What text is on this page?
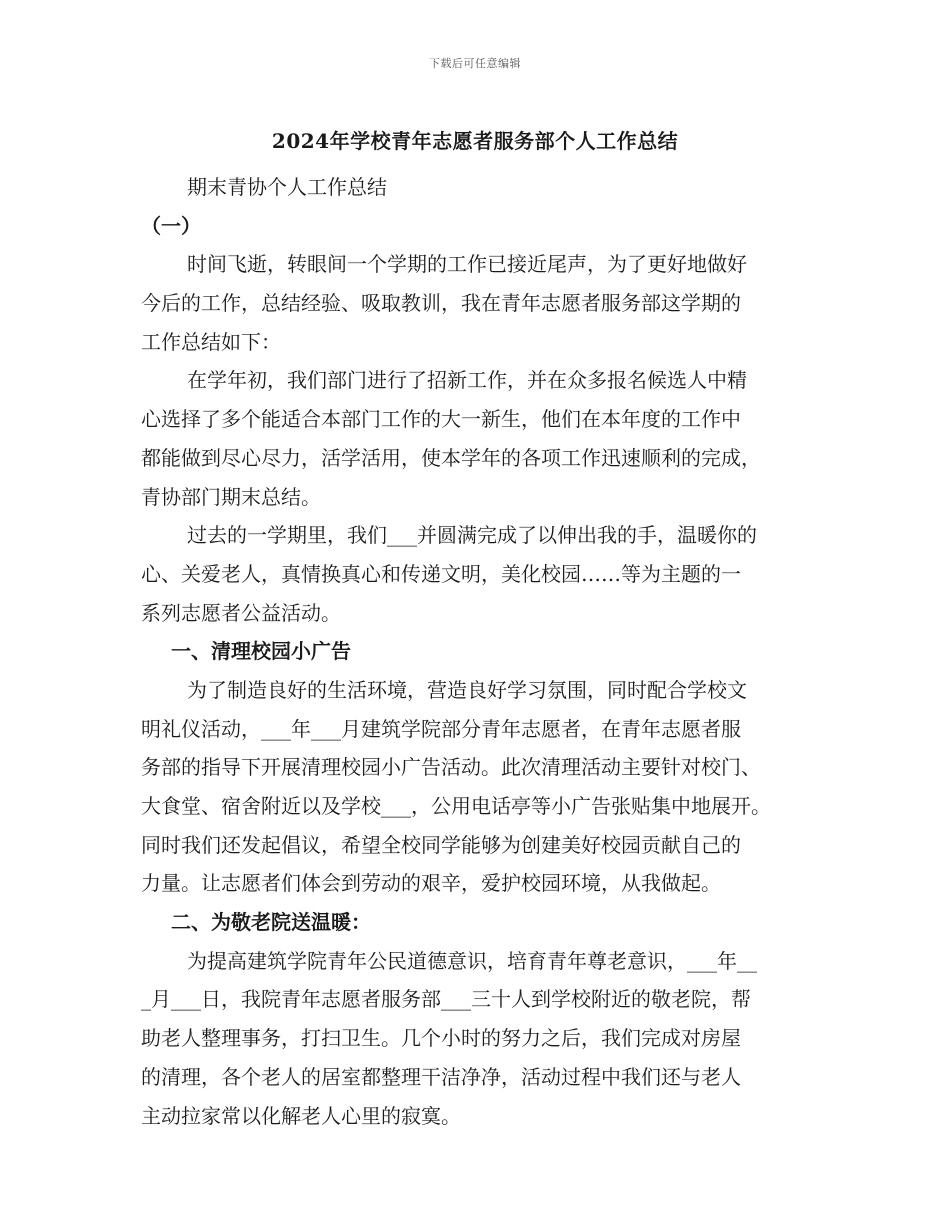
下载后可任意编辑
2024年学校青年志愿者服务部个人工作总结
期末青协个人工作总结
（一）
时间飞逝，转眼间一个学期的工作已接近尾声，为了更好地做好
今后的工作，总结经验、吸取教训，我在青年志愿者服务部这学期的
工作总结如下：
在学年初，我们部门进行了招新工作，并在众多报名候选人中精
心选择了多个能适合本部门工作的大一新生，他们在本年度的工作中
都能做到尽心尽力，活学活用，使本学年的各项工作迅速顺利的完成，
青协部门期末总结。
过去的一学期里，我们___并圆满完成了以伸出我的手，温暖你的
心、关爱老人，真情换真心和传递文明，美化校园……等为主题的一
系列志愿者公益活动。
一、清理校园小广告
为了制造良好的生活环境，营造良好学习氛围，同时配合学校文
明礼仪活动，___年___月建筑学院部分青年志愿者，在青年志愿者服
务部的指导下开展清理校园小广告活动。此次清理活动主要针对校门、
大食堂、宿舍附近以及学校___，公用电话亭等小广告张贴集中地展开。
同时我们还发起倡议，希望全校同学能够为创建美好校园贡献自己的
力量。让志愿者们体会到劳动的艰辛，爱护校园环境，从我做起。
二、为敬老院送温暖：
为提高建筑学院青年公民道德意识，培育青年尊老意识，___年__
_月___日，我院青年志愿者服务部___三十人到学校附近的敬老院，帮
助老人整理事务，打扫卫生。几个小时的努力之后，我们完成对房屋
的清理，各个老人的居室都整理干洁净净，活动过程中我们还与老人
主动拉家常以化解老人心里的寂寞。
